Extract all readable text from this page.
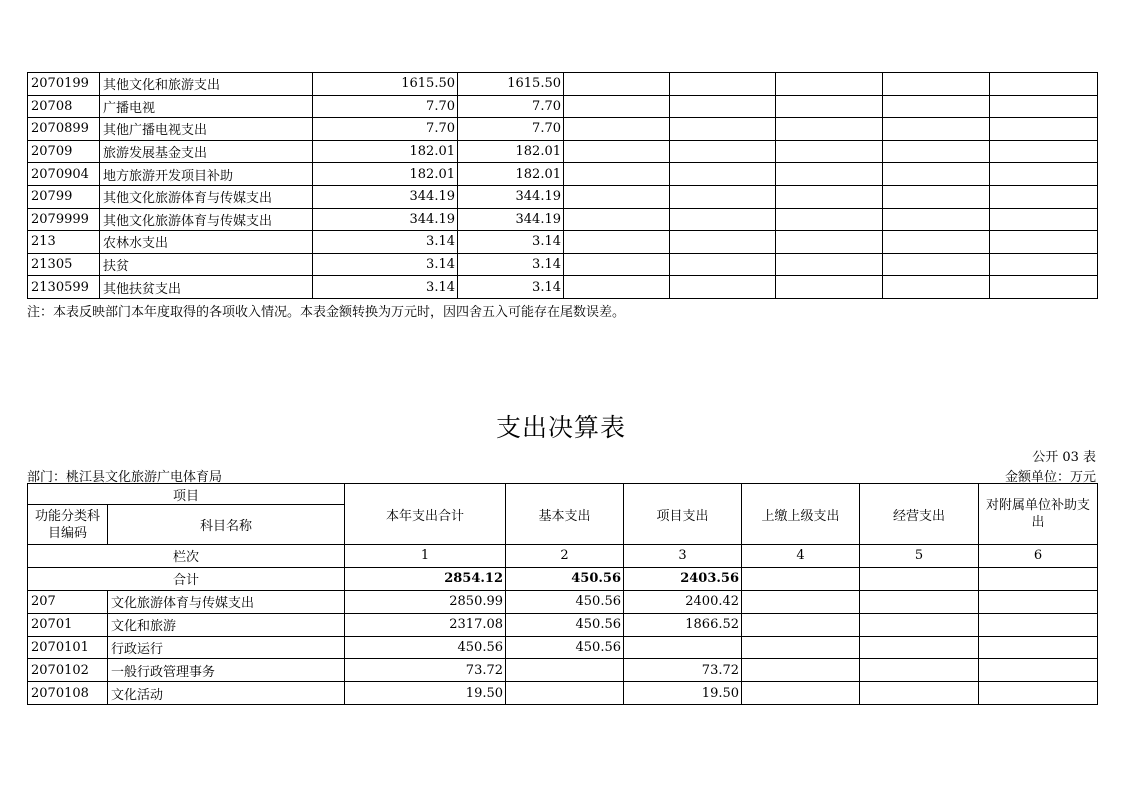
2070199	其他文化和旅游支出	1615.50	1615.50					
20708	广播电视	7.70	7.70					
2070899	其他广播电视支出	7.70	7.70					
20709	旅游发展基金支出	182.01	182.01					
2070904	地方旅游开发项目补助	182.01	182.01					
20799	其他文化旅游体育与传媒支出	344.19	344.19					
2079999	其他文化旅游体育与传媒支出	344.19	344.19					
213	农林水支出	3.14	3.14					
21305	扶贫	3.14	3.14					
2130599	其他扶贫支出	3.14	3.14					
注：本表反映部门本年度取得的各项收入情况。本表金额转换为万元时，因四舍五入可能存在尾数误差。
支出决算表
公开 03 表
部门：桃江县文化旅游广电体育局	金额单位：万元
项目		本年支出合计	基本支出	项目支出	上缴上级支出	经营支出	对附属单位补助支出
功能分类科目编码	科目名称						
栏次		1	2	3	4	5	6
合计		2854.12	450.56	2403.56			
207	文化旅游体育与传媒支出	2850.99	450.56	2400.42			
20701	文化和旅游	2317.08	450.56	1866.52			
2070101	行政运行	450.56	450.56				
2070102	一般行政管理事务	73.72		73.72			
2070108	文化活动	19.50		19.50			
